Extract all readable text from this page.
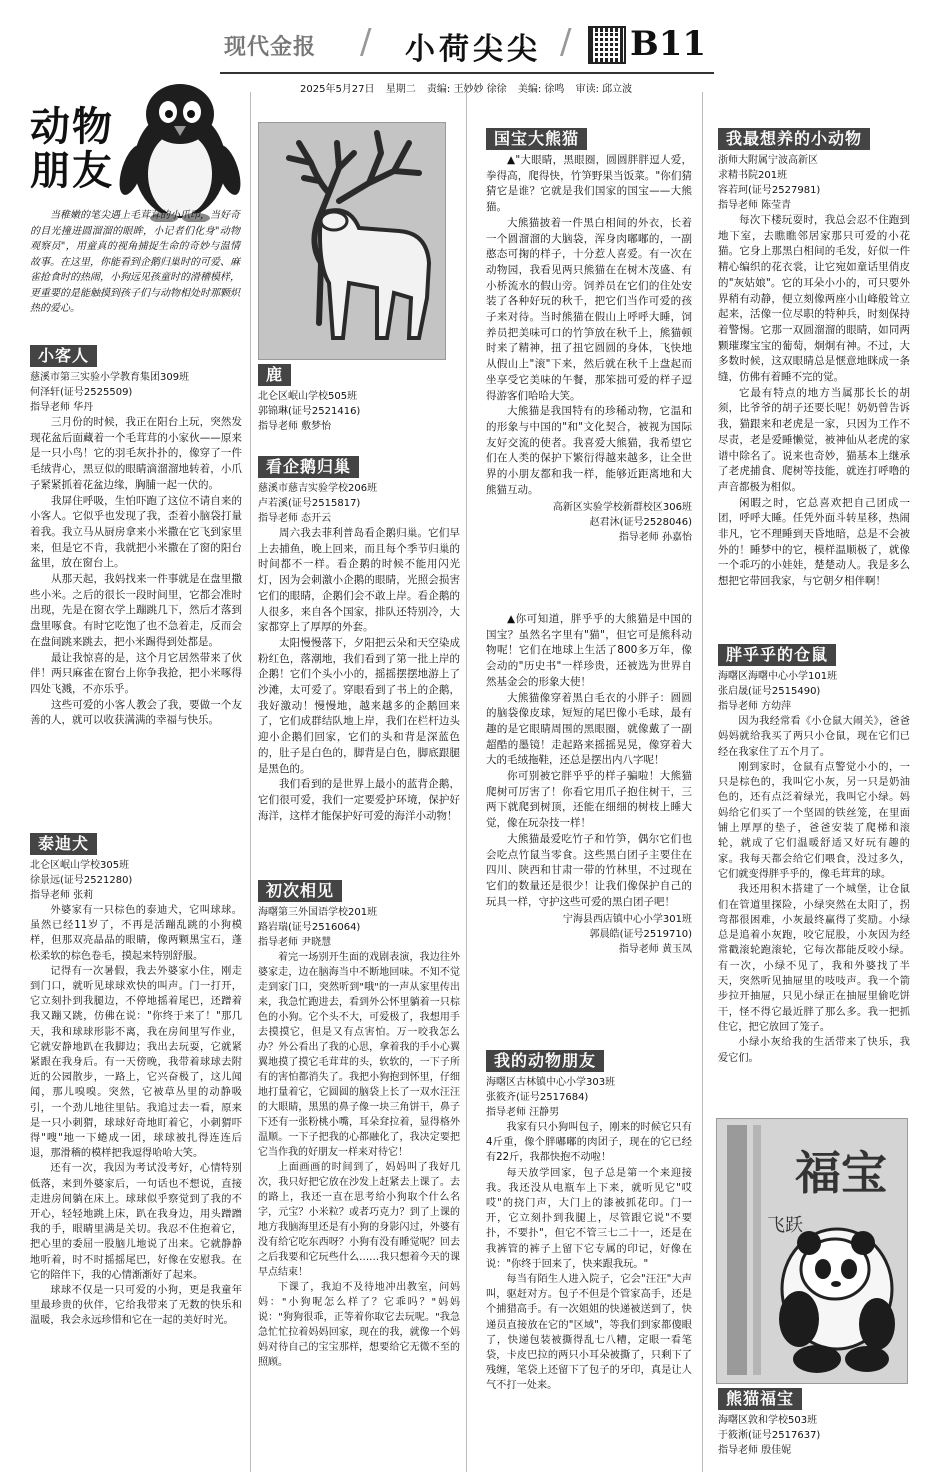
现代金报 / 小荷尖尖 / B11
2025年5月27日 星期二 责编: 王妙妙 徐徐 美编: 徐鸣 审读: 邱立波
动物
朋友
当稚嫩的笔尖遇上毛茸茸的小爪印，当好奇的目光撞进圆溜溜的眼眸，小记者们化身"动物观察员"，用童真的视角捕捉生命的奇妙与温情故事。在这里，你能看到企鹅归巢时的可爱、麻雀抢食时的热闹，小狗远见孩童时的滑稽模样，更重要的是能触摸到孩子们与动物相处时那颗炽热的爱心。
小客人
慈溪市第三实验小学教育集团309班
何泽轩(证号2525509)
指导老师 华丹

三月份的时候，我正在阳台上玩，突然发现花盆后面藏着一个毛茸茸的小家伙——原来是一只小鸟！它的羽毛灰扑扑的，像穿了一件毛绒背心，黑豆似的眼睛滴溜溜地转着，小爪子紧紧抓着花盆边缘，胸脯一起一伏的。

我屏住呼吸，生怕吓跑了这位不请自来的小客人。它似乎也发现了我，歪着小脑袋打量着我。我立马从厨房拿来小米撒在它飞到家里来，但是它不肯，我就把小米撒在了窗的阳台盆里，放在窗台上。

从那天起，我妈找来一件事就是在盘里撒些小米。之后的很长一段时间里，它都会准时出现，先是在窗衣学上蹦跳几下，然后才落到盘里啄食。有时它吃饱了也不急着走，反而会在盘间跳来跳去，把小米踢得到处都是。

最让我惊喜的是，这个月它居然带来了伙伴！两只麻雀在窗台上你争我抢，把小米啄得四处飞溅，不亦乐乎。

这些可爱的小客人教会了我，要做一个友善的人，就可以收获满满的幸福与快乐。

泰迪犬
北仑区岷山学校305班
徐景远(证号2521280)
指导老师 张莉

外婆家有一只棕色的泰迪犬，它叫球球。虽然已经11岁了，不再是活蹦乱跳的小狗模样，但那双亮晶晶的眼睛，像两颗黑宝石，蓬松柔软的棕色卷毛，摸起来特别舒服。

记得有一次暑假，我去外婆家小住，刚走到门口，就听见球球欢快的叫声。门一打开，它立刻扑到我腿边，不停地摇着尾巴，还蹭着我又蹦又跳，仿佛在说："你终于来了！"那几天，我和球球形影不离，我在房间里写作业，它就安静地趴在我脚边；我出去玩耍，它就紧紧跟在我身后。有一天傍晚，我带着球球去附近的公园散步，一路上，它兴奋极了，这儿闻闻，那儿嗅嗅。突然，它被草丛里的动静吸引，一个劲儿地往里钻。我追过去一看，原来是一只小刺猬，球球好奇地盯着它，小刺猬吓得"嗖"地一下蜷成一团，球球被扎得连连后退，那滑稽的模样把我逗得哈哈大笑。

还有一次，我因为考试没考好，心情特别低落，来到外婆家后，一句话也不想说，直接走进房间躺在床上。球球似乎察觉到了我的不开心，轻轻地跳上床，趴在我身边，用头蹭蹭我的手，眼睛里满是关切。我忍不住抱着它，把心里的委屈一股脑儿地说了出来。它就静静地听着，时不时摇摇尾巴，好像在安慰我。在它的陪伴下，我的心情渐渐好了起来。

球球不仅是一只可爱的小狗，更是我童年里最珍贵的伙伴，它给我带来了无数的快乐和温暖，我会永远珍惜和它在一起的美好时光。

鹿
北仑区岷山学校505班
郭锦琳(证号2521416)
指导老师 敷梦怡
看企鹅归巢
慈溪市慈吉实验学校206班
卢若溪(证号2515817)
指导老师 态开云

周六我去菲利普岛看企鹅归巢。它们早上去捕鱼，晚上回来，而且每个季节归巢的时间都不一样。看企鹅的时候不能用闪光灯，因为会刺激小企鹅的眼睛，光照会损害它们的眼睛，企鹅们会不敢上岸。看企鹅的人很多，来自各个国家，排队还特别冷，大家都穿上了厚厚的外套。

太阳慢慢落下，夕阳把云朵和天空染成粉红色，落潮地，我们看到了第一批上岸的企鹅！它们个头小小的，摇摇摆摆地游上了沙滩，太可爱了。穿眼看到了书上的企鹅，我好激动！慢慢地，越来越多的企鹅回来了，它们成群结队地上岸，我们在栏杆边头迎小企鹅们回家，它们的头和背是深蓝色的，肚子是白色的，脚背是白色，脚底跟腿是黑色的。

我们看到的是世界上最小的蓝背企鹅，它们很可爱，我们一定要爱护环境，保护好海洋，这样才能保护好可爱的海洋小动物！

初次相见
海曙第三外国语学校201班
路岩瑞(证号2516064)
指导老师 尹晓慧

着完一场别开生面的戏剧表演，我边往外婆家走，边在脑海当中不断地回味。不知不觉走到家门口，突然听到"哦"的一声从家里传出来，我急忙跑进去，看到外公怀里躺着一只棕色的小狗。它个头不大，可爱极了，我想用手去摸摸它，但是又有点害怕。万一咬我怎么办？外公看出了我的心思，拿着我的手小心翼翼地摸了摸它毛茸茸的头，软软的，一下子所有的害怕都消失了。我把小狗抱到怀里，仔细地打量着它，它圆圆的脑袋上长了一双水汪汪的大眼睛，黑黑的鼻子像一块三角饼干，鼻子下还有一张粉桃小嘴，耳朵耷拉着，显得格外温顺。一下子把我的心都融化了，我决定要把它当作我的好朋友一样来对待它！

上面画画的时间到了，妈妈叫了我好几次，我只好把它放在沙发上赶紧去上课了。去的路上，我还一直在思考给小狗取个什么名字，元宝？小米粒？或者巧克力？到了上课的地方我脑海里还是有小狗的身影闪过，外婆有没有给它吃东西呀？小狗有没有睡觉呢？回去之后我要和它玩些什么……我只想着今天的课早点结束！

下课了，我迫不及待地冲出教室，问妈妈："小狗呢怎么样了？它乖吗？"妈妈说："狗狗很乖，正等着你取它去玩呢。"我急急忙忙拉着妈妈回家，现在的我，就像一个妈妈对待自己的宝宝那样，想要给它无微不至的照顾。

国宝大熊猫

▲"大眼睛，黑眼圈，圆圆胖胖逗人爱，拳得高，爬得快，竹笋野果当饭菜。"你们猜猜它是谁？它就是我们国家的国宝——大熊猫。

大熊猫披着一件黑白相间的外衣，长着一个圆溜溜的大脑袋，浑身肉嘟嘟的，一副憨态可掬的样子，十分惹人喜爱。有一次在动物园，我看见两只熊猫在在树木茂盛、有小桥流水的假山旁。饲养员在它们的住处安装了各种好玩的秋千，把它们当作可爱的孩子来对待。当时熊猫在假山上呼呼大睡，饲养员把美味可口的竹笋放在秋千上，熊猫顿时来了精神，扭了扭它圆圆的身体，飞快地从假山上"滚"下来，然后就在秋千上盘起而坐享受它美味的午餐，那笨拙可爱的样子逗得游客们哈哈大笑。

大熊猫是我国特有的珍稀动物，它温和的形象与中国的"和"文化契合，被视为国际友好交流的使者。我喜爱大熊猫，我希望它们在人类的保护下繁衍得越来越多，让全世界的小朋友都和我一样，能够近距离地和大熊猫互动。

高新区实验学校新群校区306班
赵君沐(证号2528046)
指导老师 孙嘉怡

▲你可知道，胖乎乎的大熊猫是中国的国宝？虽然名字里有"猫"，但它可是熊科动物呢！它们在地球上生活了800多万年，像会动的"历史书"一样珍贵，还被选为世界自然基金会的形象大使！

大熊猫像穿着黑白毛衣的小胖子：圆圆的脑袋像皮球，短短的尾巴像小毛球，最有趣的是它眼睛周围的黑眼圈，就像戴了一副超酷的墨镜！走起路来摇摇晃晃，像穿着大大的毛绒拖鞋，还总是摆出内八字呢！

你可别被它胖乎乎的样子骗啦！大熊猫爬树可厉害了！你看它用爪子抱住树干，三两下就爬到树顶，还能在细细的树枝上睡大觉，像在玩杂技一样！

大熊猫最爱吃竹子和竹笋，偶尔它们也会吃点竹鼠当零食。这些黑白团子主要住在四川、陕西和甘肃一带的竹林里，不过现在它们的数量还是很少！让我们像保护自己的玩具一样，守护这些可爱的黑白团子吧！

宁海县西店镇中心小学301班
郭晨皓(证号2519710)
指导老师 黄玉凤
我的动物朋友
海曙区古林镇中心小学303班
张筱齐(证号2517684)
指导老师 汪静男

我家有只小狗叫包子，刚来的时候它只有4斤重，像个胖嘟嘟的肉团子，现在的它已经有22斤，我都快抱不动啦！

每天放学回家，包子总是第一个来迎接我。我还没从电瓶车上下来，就听见它"哎哎"的挠门声，大门上的漆被抓花印。门一开，它立刻扑到我腿上，尽管跟它说"不要扑，不要扑"，但它不管三七二十一，还是在我裤管的裤子上留下它专属的印记，好像在说："你终于回来了，快来跟我玩。"

每当有陌生人进入院子，它会"汪汪"大声叫，驱赶对方。包子不但是个管家高手，还是个捕猎高手。有一次姐姐的快递被送到了，快递员直接放在它的"区域"，等我们到家都傻眼了，快递包装被撕得乱七八糟，定眼一看笔袋，卡皮巴拉的两只小耳朵被撕了，只剩下了残缠，笔袋上还留下了包子的牙印，真是让人气不打一处来。

我最想养的小动物
浙师大附属宁波高新区
求精书院201班
容若珂(证号2527981)
指导老师 陈莹青

每次下楼玩耍时，我总会忍不住跑到地下室，去瞧瞧邻居家那只可爱的小花猫。它身上那黑白相间的毛发，好似一件精心编织的花衣裳，让它宛如童话里俏皮的"灰姑娘"。它的耳朵小小的，可只要外界稍有动静，便立刻像两座小山峰般耸立起来，活像一位尽职的特种兵，时刻保持着警惕。它那一双圆溜溜的眼睛，如同两颗璀璨宝宝的葡萄，炯炯有神。不过，大多数时候，这双眼睛总是惬意地眯成一条缝，仿佛有着睡不完的觉。

它最有特点的地方当属那长长的胡须，比爷爷的胡子还要长呢！奶奶曾告诉我，猫跟来和老虎是一家，只因为工作不尽责，老是爱睡懒觉，被神仙从老虎的家谱中除名了。说来也奇妙，猫基本上继承了老虎捕食、爬树等技能，就连打呼噜的声音都极为相似。

闲暇之时，它总喜欢把自己团成一团，呼呼大睡。任凭外面斗转星移，热闹非凡，它不理睡到天昏地暗，总是不会被外的！睡梦中的它，模样温顺极了，就像一个乖巧的小娃娃，楚楚动人。我是多么想把它带回我家，与它朝夕相伴啊！

胖乎乎的仓鼠
海曙区海曙中心小学101班
张启晟(证号2515490)
指导老师 方幼萍

因为我经常看《小仓鼠大闹关》，爸爸妈妈就给我买了两只小仓鼠，现在它们已经在我家住了五个月了。

刚到家时，仓鼠有点警觉小小的，一只是棕色的，我叫它小灰，另一只是奶油色的，还有点泛着绿光，我叫它小绿。妈妈给它们买了一个坚固的铁丝笼，在里面铺上厚厚的垫子，爸爸安装了爬梯和滚轮，就成了它们温暖舒适又好玩有趣的家。我每天都会给它们喂食，没过多久，它们就变得胖乎乎的，像毛茸茸的球。

我还用积木搭建了一个城堡，让仓鼠们在管道里探险，小绿突然在太阳了，拐弯都很困难，小灰最终赢得了奖励。小绿总是追着小灰跑，咬它屁股，小灰因为经常戳滚轮跑滚轮，它每次都能反咬小绿。有一次，小绿不见了，我和外婆找了半天，突然听见抽屉里的吱吱声。我一个箭步拉开抽屉，只见小绿正在抽屉里偷吃饼干，怪不得它最近胖了那么多。我一把抓住它，把它放回了笼子。

小绿小灰给我的生活带来了快乐，我爱它们。

福宝
飞跃
熊猫福宝
海曙区敦和学校503班
于筱淅(证号2517637)
指导老师 殷佳妮
